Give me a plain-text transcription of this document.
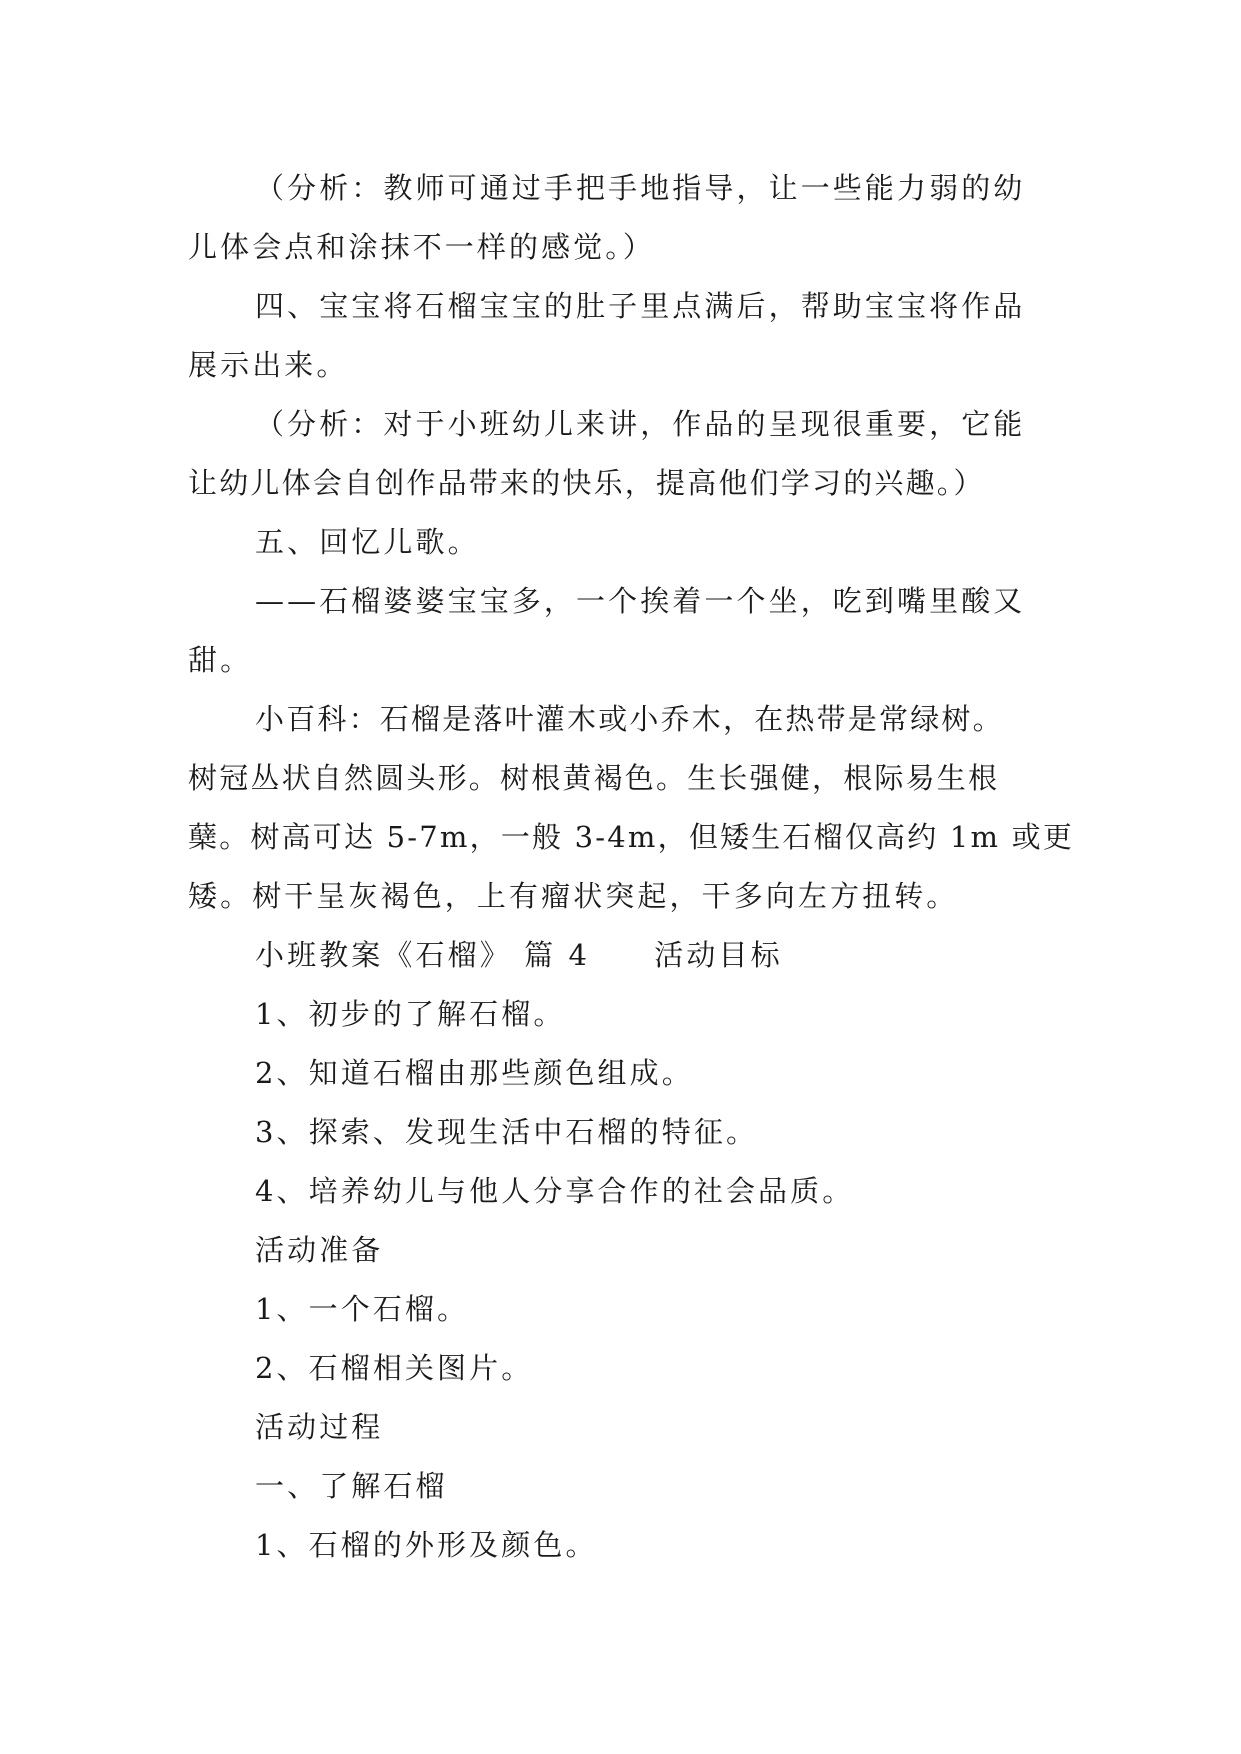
（分析：教师可通过手把手地指导，让一些能力弱的幼
儿体会点和涂抹不一样的感觉。）
四、宝宝将石榴宝宝的肚子里点满后，帮助宝宝将作品
展示出来。
（分析：对于小班幼儿来讲，作品的呈现很重要，它能
让幼儿体会自创作品带来的快乐，提高他们学习的兴趣。）
五、回忆儿歌。
——石榴婆婆宝宝多，一个挨着一个坐，吃到嘴里酸又
甜。
小百科：石榴是落叶灌木或小乔木，在热带是常绿树。
树冠丛状自然圆头形。树根黄褐色。生长强健，根际易生根
蘖。树高可达 5-7m，一般 3-4m，但矮生石榴仅高约 1m 或更
矮。树干呈灰褐色，上有瘤状突起，干多向左方扭转。
小班教案《石榴》 篇 4　　活动目标
1、初步的了解石榴。
2、知道石榴由那些颜色组成。
3、探索、发现生活中石榴的特征。
4、培养幼儿与他人分享合作的社会品质。
活动准备
1、一个石榴。
2、石榴相关图片。
活动过程
一、了解石榴
1、石榴的外形及颜色。
